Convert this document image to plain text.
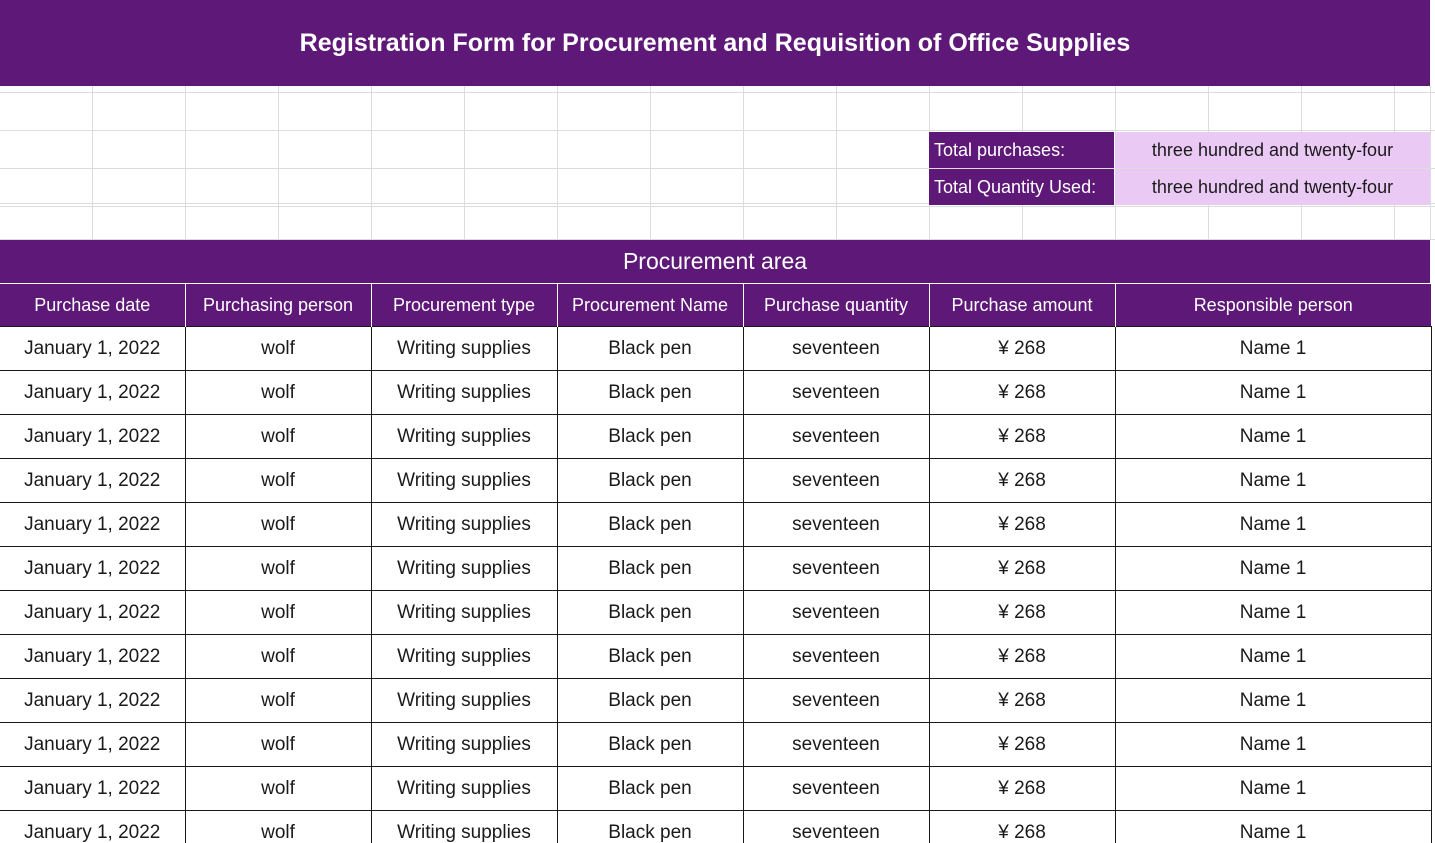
Registration Form for Procurement and Requisition of Office Supplies
Total purchases:	three hundred and twenty-four
Total Quantity Used:	three hundred and twenty-four
Procurement area
Purchase date	Purchasing person	Procurement type	Procurement Name	Purchase quantity	Purchase amount	Responsible person
January 1, 2022	wolf	Writing supplies	Black pen	seventeen	¥ 268	Name 1
January 1, 2022	wolf	Writing supplies	Black pen	seventeen	¥ 268	Name 1
January 1, 2022	wolf	Writing supplies	Black pen	seventeen	¥ 268	Name 1
January 1, 2022	wolf	Writing supplies	Black pen	seventeen	¥ 268	Name 1
January 1, 2022	wolf	Writing supplies	Black pen	seventeen	¥ 268	Name 1
January 1, 2022	wolf	Writing supplies	Black pen	seventeen	¥ 268	Name 1
January 1, 2022	wolf	Writing supplies	Black pen	seventeen	¥ 268	Name 1
January 1, 2022	wolf	Writing supplies	Black pen	seventeen	¥ 268	Name 1
January 1, 2022	wolf	Writing supplies	Black pen	seventeen	¥ 268	Name 1
January 1, 2022	wolf	Writing supplies	Black pen	seventeen	¥ 268	Name 1
January 1, 2022	wolf	Writing supplies	Black pen	seventeen	¥ 268	Name 1
January 1, 2022	wolf	Writing supplies	Black pen	seventeen	¥ 268	Name 1
